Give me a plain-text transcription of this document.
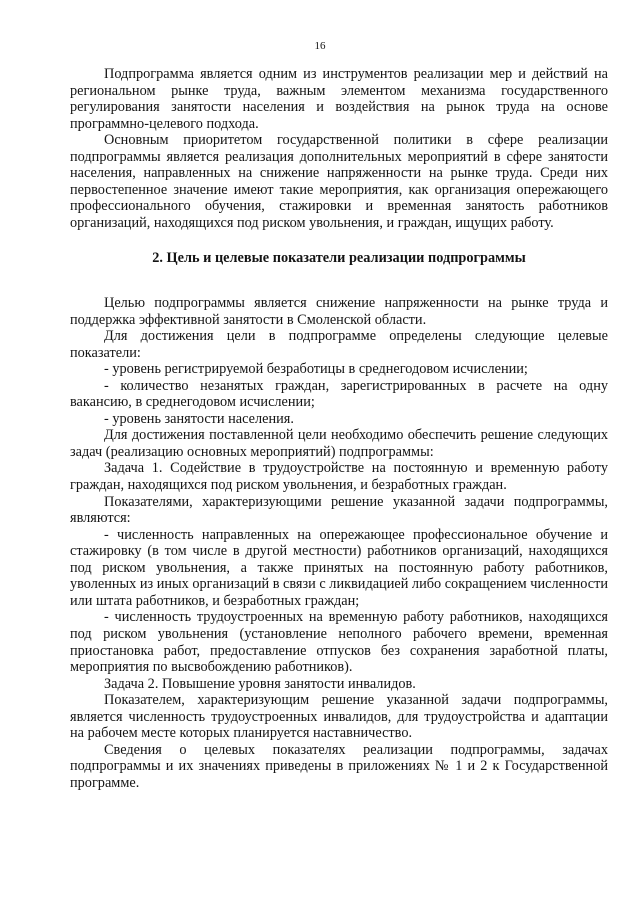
16

Подпрограмма является одним из инструментов реализации мер и действий на региональном рынке труда, важным элементом механизма государственного регулирования занятости населения и воздействия на рынок труда на основе программно-целевого подхода.

Основным приоритетом государственной политики в сфере реализации подпрограммы является реализация дополнительных мероприятий в сфере занятости населения, направленных на снижение напряженности на рынке труда. Среди них первостепенное значение имеют такие мероприятия, как организация опережающего профессионального обучения, стажировки и временная занятость работников организаций, находящихся под риском увольнения, и граждан, ищущих работу.

2. Цель и целевые показатели реализации подпрограммы

Целью подпрограммы является снижение напряженности на рынке труда и поддержка эффективной занятости в Смоленской области.

Для достижения цели в подпрограмме определены следующие целевые показатели:

- уровень регистрируемой безработицы в среднегодовом исчислении;

- количество незанятых граждан, зарегистрированных в расчете на одну вакансию, в среднегодовом исчислении;

- уровень занятости населения.

Для достижения поставленной цели необходимо обеспечить решение следующих задач (реализацию основных мероприятий) подпрограммы:

Задача 1. Содействие в трудоустройстве на постоянную и временную работу граждан, находящихся под риском увольнения, и безработных граждан.

Показателями, характеризующими решение указанной задачи подпрограммы, являются:

- численность направленных на опережающее профессиональное обучение и стажировку (в том числе в другой местности) работников организаций, находящихся под риском увольнения, а также принятых на постоянную работу работников, уволенных из иных организаций в связи с ликвидацией либо сокращением численности или штата работников, и безработных граждан;

- численность трудоустроенных на временную работу работников, находящихся под риском увольнения (установление неполного рабочего времени, временная приостановка работ, предоставление отпусков без сохранения заработной платы, мероприятия по высвобождению работников).

Задача 2. Повышение уровня занятости инвалидов.

Показателем, характеризующим решение указанной задачи подпрограммы, является численность трудоустроенных инвалидов, для трудоустройства и адаптации на рабочем месте которых планируется наставничество.

Сведения о целевых показателях реализации подпрограммы, задачах подпрограммы и их значениях приведены в приложениях № 1 и 2 к Государственной программе.
